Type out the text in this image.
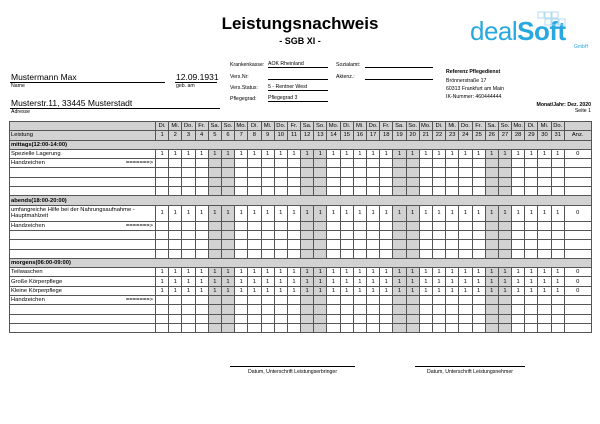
Leistungsnachweis
- SGB XI -	dealSoft
GmbH
Mustermann Max
Name
12.09.1931
geb. am
Musterstr.11, 33445 Musterstadt
Adresse
Krankenkasse: AOK Rheinland	Sozialamt:
Vers.Nr:	Aktenz.:
Vers.Status: 5 - Rentner West
Pflegegrad: Pflegegrad 3
Referenz Pflegedienst
Brönnerstraße 17
60313 Frankfurt am Main
IK-Nummer: 460444444
Monat/Jahr: Dez. 2020
Seite 1
	Di.	Mi.	Do.	Fr.	Sa.	So.	Mo.	Di.	Mi.	Do.	Fr.	Sa.	So.	Mo.	Di.	Mi.	Do.	Fr.	Sa.	So.	Mo.	Di.	Mi.	Do.	Fr.	Sa.	So.	Mo.	Di.	Mi.	Do.	
Leistung	1	2	3	4	5	6	7	8	9	10	11	12	13	14	15	16	17	18	19	20	21	22	23	24	25	26	27	28	29	30	31	Anz.
mittags(12:00-14:00)																																
Spezielle Lagerung	1	1	1	1	1	1	1	1	1	1	1	1	1	1	1	1	1	1	1	1	1	1	1	1	1	1	1	1	1	1	1	0
Handzeichen =======>																																

abends(18:00-20:00)																																
umfangreiche Hilfe bei der Nahrungsaufnahme - Hauptmahlzeit	1	1	1	1	1	1	1	1	1	1	1	1	1	1	1	1	1	1	1	1	1	1	1	1	1	1	1	1	1	1	1	0
Handzeichen =======>																																

morgens(06:00-09:00)																																
Teilwaschen	1	1	1	1	1	1	1	1	1	1	1	1	1	1	1	1	1	1	1	1	1	1	1	1	1	1	1	1	1	1	1	0
Große Körperpflege	1	1	1	1	1	1	1	1	1	1	1	1	1	1	1	1	1	1	1	1	1	1	1	1	1	1	1	1	1	1	1	0
Kleine Körperpflege	1	1	1	1	1	1	1	1	1	1	1	1	1	1	1	1	1	1	1	1	1	1	1	1	1	1	1	1	1	1	1	0
Handzeichen =======>																																

Datum, Unterschrift Leistungserbringer	Datum, Unterschrift Leistungsnehmer
